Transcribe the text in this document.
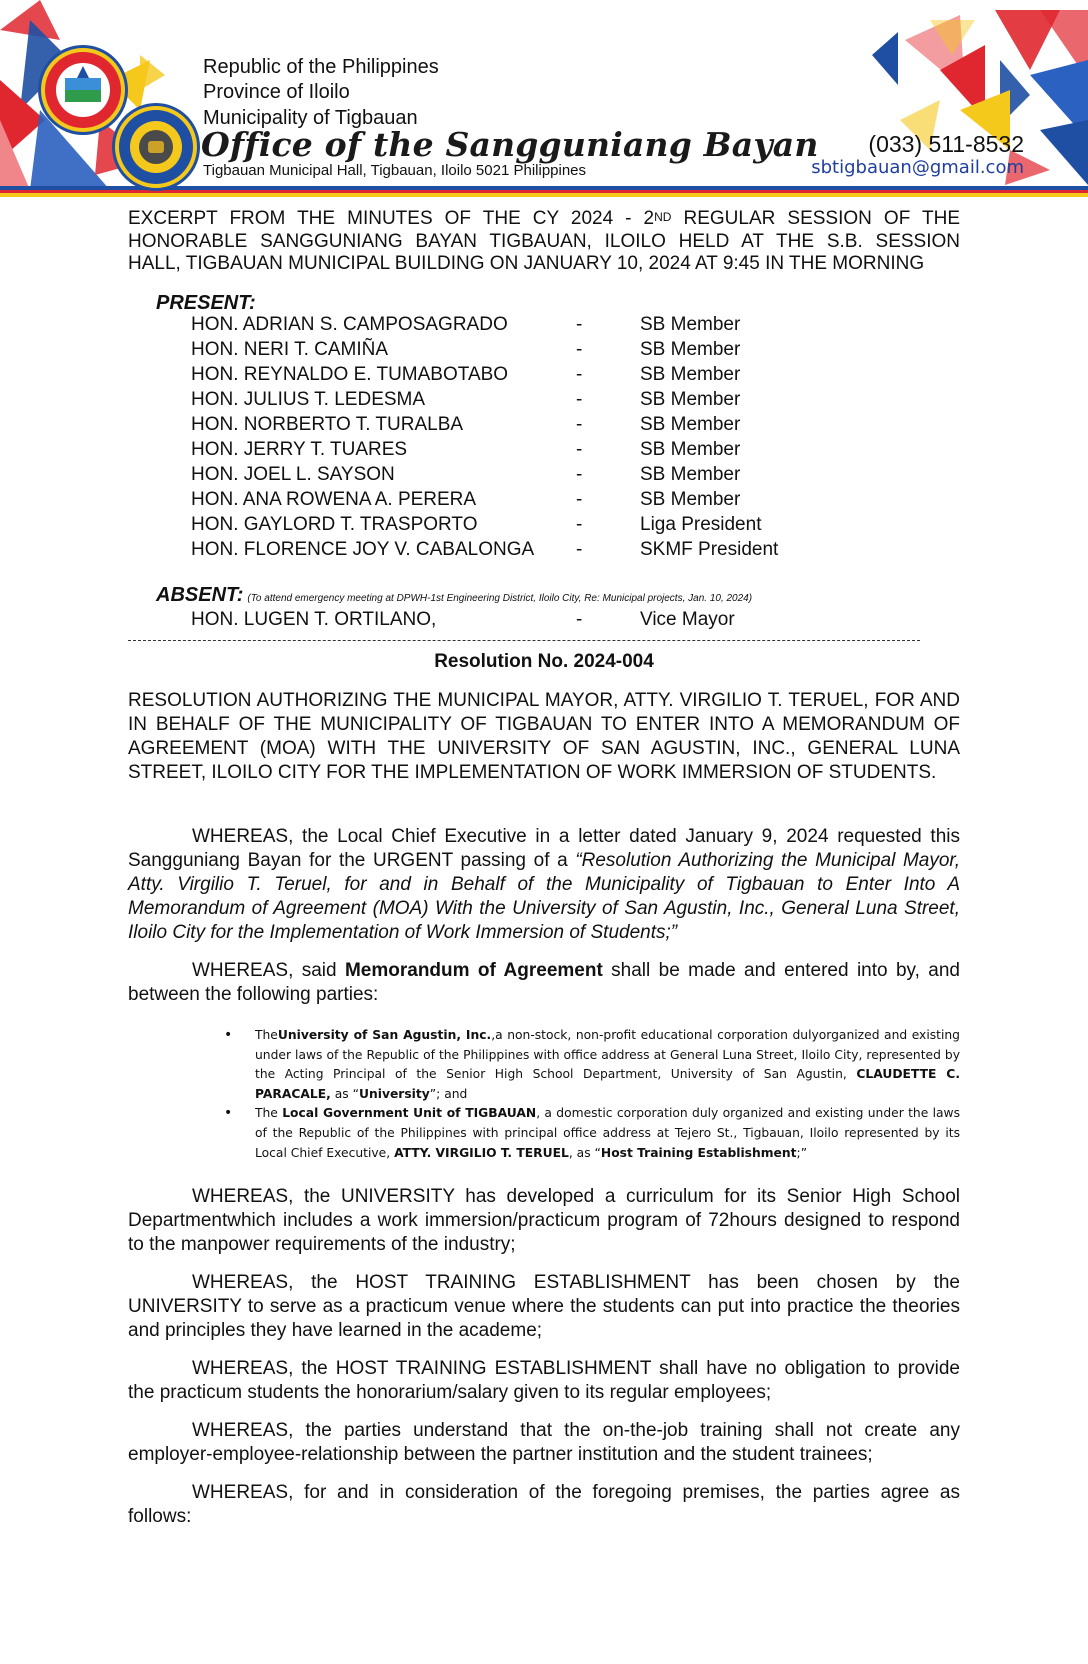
Republic of the Philippines
Province of Iloilo
Municipality of Tigbauan
Office of the Sangguniang Bayan
Tigbauan Municipal Hall, Tigbauan, Iloilo 5021 Philippines
(033) 511-8532
sbtigbauan@gmail.com
EXCERPT FROM THE MINUTES OF THE CY 2024 - 2ND REGULAR SESSION OF THE
HONORABLE SANGGUNIANG BAYAN TIGBAUAN, ILOILO HELD AT THE S.B. SESSION
HALL, TIGBAUAN MUNICIPAL BUILDING ON JANUARY 10, 2024 AT 9:45 IN THE MORNING
PRESENT:
HON. ADRIAN S. CAMPOSAGRADO	-	SB Member
HON. NERI T. CAMIÑA	-	SB Member
HON. REYNALDO E. TUMABOTABO	-	SB Member
HON. JULIUS T. LEDESMA	-	SB Member
HON. NORBERTO T. TURALBA	-	SB Member
HON. JERRY T. TUARES	-	SB Member
HON. JOEL L. SAYSON	-	SB Member
HON. ANA ROWENA A. PERERA	-	SB Member
HON. GAYLORD T. TRASPORTO	-	Liga President
HON. FLORENCE JOY V. CABALONGA -	SKMF President
ABSENT: (To attend emergency meeting at DPWH-1st Engineering District, Iloilo City, Re: Municipal projects, Jan. 10, 2024)
HON. LUGEN T. ORTILANO,	-	Vice Mayor
Resolution No. 2024-004
RESOLUTION AUTHORIZING THE MUNICIPAL MAYOR, ATTY. VIRGILIO T. TERUEL, FOR AND IN BEHALF OF THE MUNICIPALITY OF TIGBAUAN TO ENTER INTO A MEMORANDUM OF AGREEMENT (MOA) WITH THE UNIVERSITY OF SAN AGUSTIN, INC., GENERAL LUNA STREET, ILOILO CITY FOR THE IMPLEMENTATION OF WORK IMMERSION OF STUDENTS.
WHEREAS, the Local Chief Executive in a letter dated January 9, 2024 requested this Sangguniang Bayan for the URGENT passing of a “Resolution Authorizing the Municipal Mayor, Atty. Virgilio T. Teruel, for and in Behalf of the Municipality of Tigbauan to Enter Into A Memorandum of Agreement (MOA) With the University of San Agustin, Inc., General Luna Street, Iloilo City for the Implementation of Work Immersion of Students;”
WHEREAS, said Memorandum of Agreement shall be made and entered into by, and between the following parties:
• TheUniversity of San Agustin, Inc.,a non-stock, non-profit educational corporation dulyorganized and existing under laws of the Republic of the Philippines with office address at General Luna Street, Iloilo City, represented by the Acting Principal of the Senior High School Department, University of San Agustin, CLAUDETTE C. PARACALE, as “University”; and
• The Local Government Unit of TIGBAUAN, a domestic corporation duly organized and existing under the laws of the Republic of the Philippines with principal office address at Tejero St., Tigbauan, Iloilo represented by its Local Chief Executive, ATTY. VIRGILIO T. TERUEL, as “Host Training Establishment;”
WHEREAS, the UNIVERSITY has developed a curriculum for its Senior High School Departmentwhich includes a work immersion/practicum program of 72hours designed to respond to the manpower requirements of the industry;
WHEREAS, the HOST TRAINING ESTABLISHMENT has been chosen by the UNIVERSITY to serve as a practicum venue where the students can put into practice the theories and principles they have learned in the academe;
WHEREAS, the HOST TRAINING ESTABLISHMENT shall have no obligation to provide the practicum students the honorarium/salary given to its regular employees;
WHEREAS, the parties understand that the on-the-job training shall not create any employer-employee-relationship between the partner institution and the student trainees;
WHEREAS, for and in consideration of the foregoing premises, the parties agree as follows:
